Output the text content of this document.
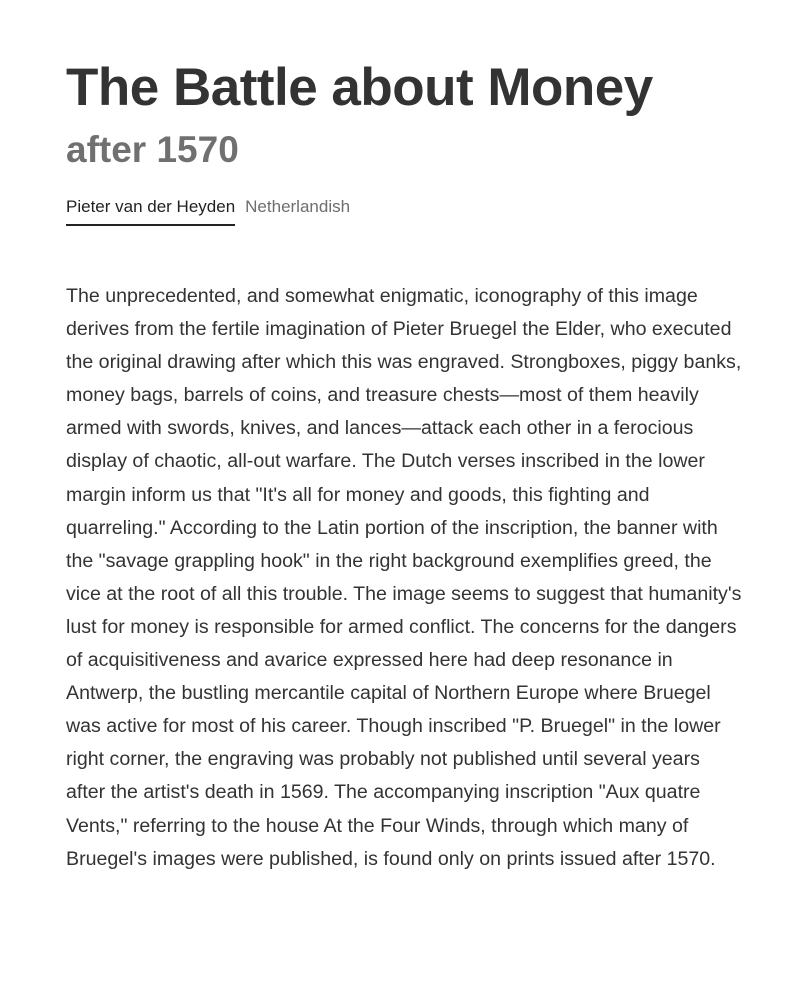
The Battle about Money
after 1570
Pieter van der Heyden Netherlandish

The unprecedented, and somewhat enigmatic, iconography of this image derives from the fertile imagination of Pieter Bruegel the Elder, who executed the original drawing after which this was engraved. Strongboxes, piggy banks, money bags, barrels of coins, and treasure chests—most of them heavily armed with swords, knives, and lances—attack each other in a ferocious display of chaotic, all-out warfare. The Dutch verses inscribed in the lower margin inform us that "It's all for money and goods, this fighting and quarreling." According to the Latin portion of the inscription, the banner with the "savage grappling hook" in the right background exemplifies greed, the vice at the root of all this trouble. The image seems to suggest that humanity's lust for money is responsible for armed conflict. The concerns for the dangers of acquisitiveness and avarice expressed here had deep resonance in Antwerp, the bustling mercantile capital of Northern Europe where Bruegel was active for most of his career. Though inscribed "P. Bruegel" in the lower right corner, the engraving was probably not published until several years after the artist's death in 1569. The accompanying inscription "Aux quatre Vents," referring to the house At the Four Winds, through which many of Bruegel's images were published, is found only on prints issued after 1570.
